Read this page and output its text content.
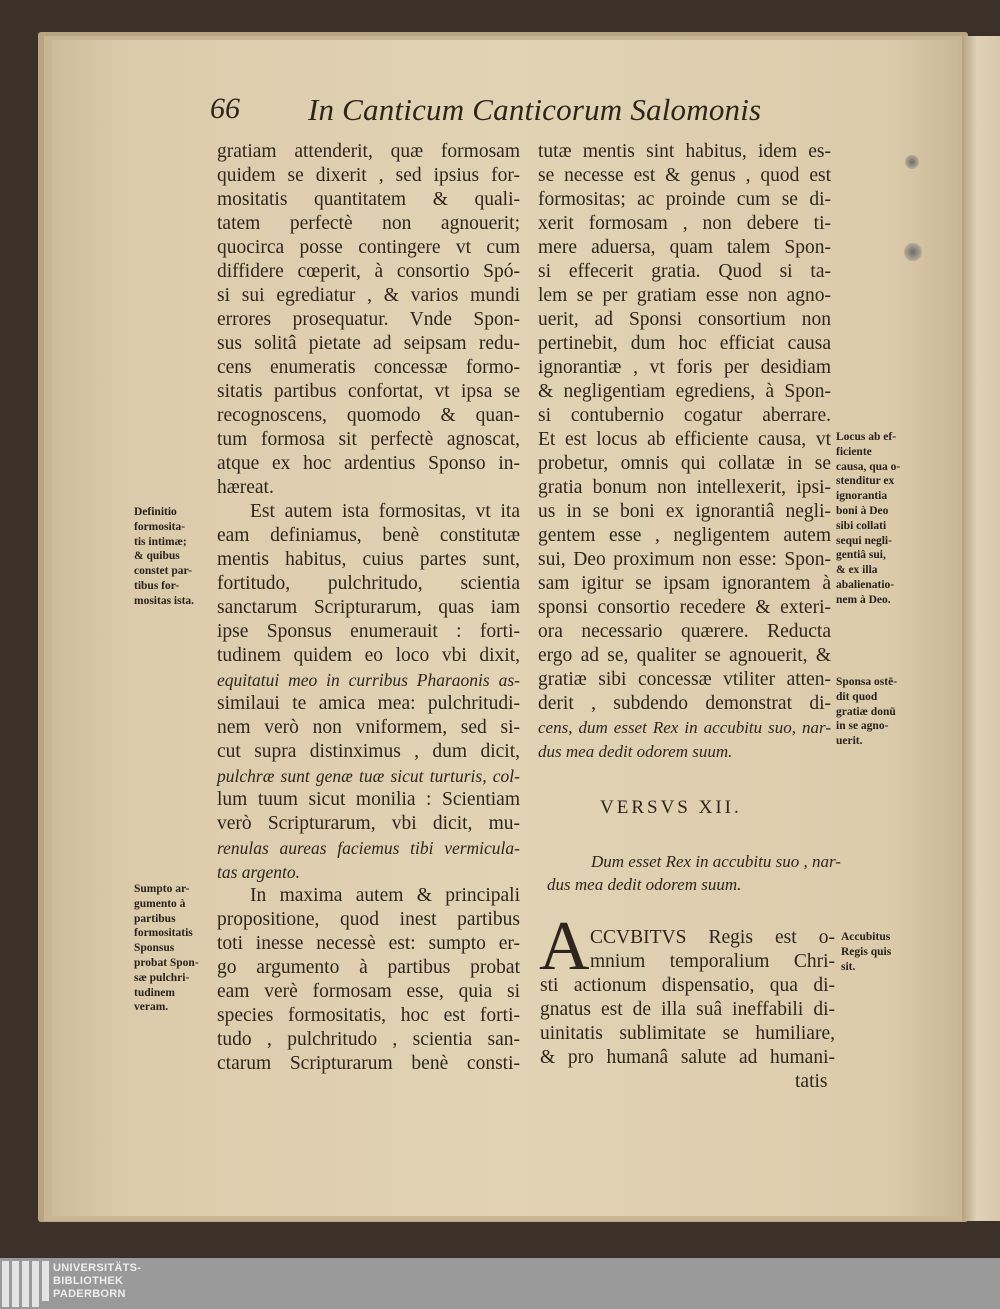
66 In Canticum Canticorum Salomonis
gratiam attenderit, quæ formosam
quidem se dixerit , sed ipsius for-
mositatis quantitatem & quali-
tatem perfectè non agnouerit;
quocirca posse contingere vt cum
diffidere cœperit, à consortio Spó-
si sui egrediatur , & varios mundi
errores prosequatur. Vnde Spon-
sus solitâ pietate ad seipsam redu-
cens enumeratis concessæ formo-
sitatis partibus confortat, vt ipsa se
recognoscens, quomodo & quan-
tum formosa sit perfectè agnoscat,
atque ex hoc ardentius Sponso in-
hæreat.
Est autem ista formositas, vt ita
eam definiamus, benè constitutæ
mentis habitus, cuius partes sunt,
fortitudo, pulchritudo, scientia
sanctarum Scripturarum, quas iam
ipse Sponsus enumerauit : forti-
tudinem quidem eo loco vbi dixit,
equitatui meo in curribus Pharaonis as-
similaui te amica mea: pulchritudi-
nem verò non vniformem, sed si-
cut supra distinximus , dum dicit,
pulchræ sunt genæ tuæ sicut turturis, col-
lum tuum sicut monilia : Scientiam
verò Scripturarum, vbi dicit, mu-
renulas aureas faciemus tibi vermicula-
tas argento.
In maxima autem & principali
propositione, quod inest partibus
toti inesse necessè est: sumpto er-
go argumento à partibus probat
eam verè formosam esse, quia si
species formositatis, hoc est forti-
tudo , pulchritudo , scientia san-
ctarum Scripturarum benè consti-
tutæ mentis sint habitus, idem es-
se necesse est & genus , quod est
formositas; ac proinde cum se di-
xerit formosam , non debere ti-
mere aduersa, quam talem Spon-
si effecerit gratia. Quod si ta-
lem se per gratiam esse non agno-
uerit, ad Sponsi consortium non
pertinebit, dum hoc efficiat causa
ignorantiæ , vt foris per desidiam
& negligentiam egrediens, à Spon-
si contubernio cogatur aberrare.
Et est locus ab efficiente causa, vt
probetur, omnis qui collatæ in se
gratia bonum non intellexerit, ipsi-
us in se boni ex ignorantiâ negli-
gentem esse , negligentem autem
sui, Deo proximum non esse: Spon-
sam igitur se ipsam ignorantem à
sponsi consortio recedere & exteri-
ora necessario quærere. Reducta
ergo ad se, qualiter se agnouerit, &
gratiæ sibi concessæ vtiliter atten-
derit , subdendo demonstrat di-
cens, dum esset Rex in accubitu suo, nar-
dus mea dedit odorem suum.
Dum esset Rex in accubitu suo , nar-
dus mea dedit odorem suum.
CCVBITVS Regis est o-
mnium temporalium Chri-
sti actionum dispensatio, qua di-
gnatus est de illa suâ ineffabili di-
uinitatis sublimitate se humiliare,
& pro humanâ salute ad humani-
tatis
Definitio
formosita-
tis intimæ;
& quibus
constet par-
tibus for-
mositas ista.
Sumpto ar-
gumento à
partibus
formositatis
Sponsus
probat Spon-
sæ pulchri-
tudinem
veram.
Locus ab ef-
ficiente
causa, qua o-
stenditur ex
ignorantia
boni à Deo
sibi collati
sequi negli-
gentiâ sui,
& ex illa
abalienatio-
nem à Deo.
Sponsa ostē-
dit quod
gratiæ donū
in se agno-
uerit.
Accubitus
Regis quis
sit.
VERSVS XII.
A
UNIVERSITÄTS-
BIBLIOTHEK
PADERBORN
